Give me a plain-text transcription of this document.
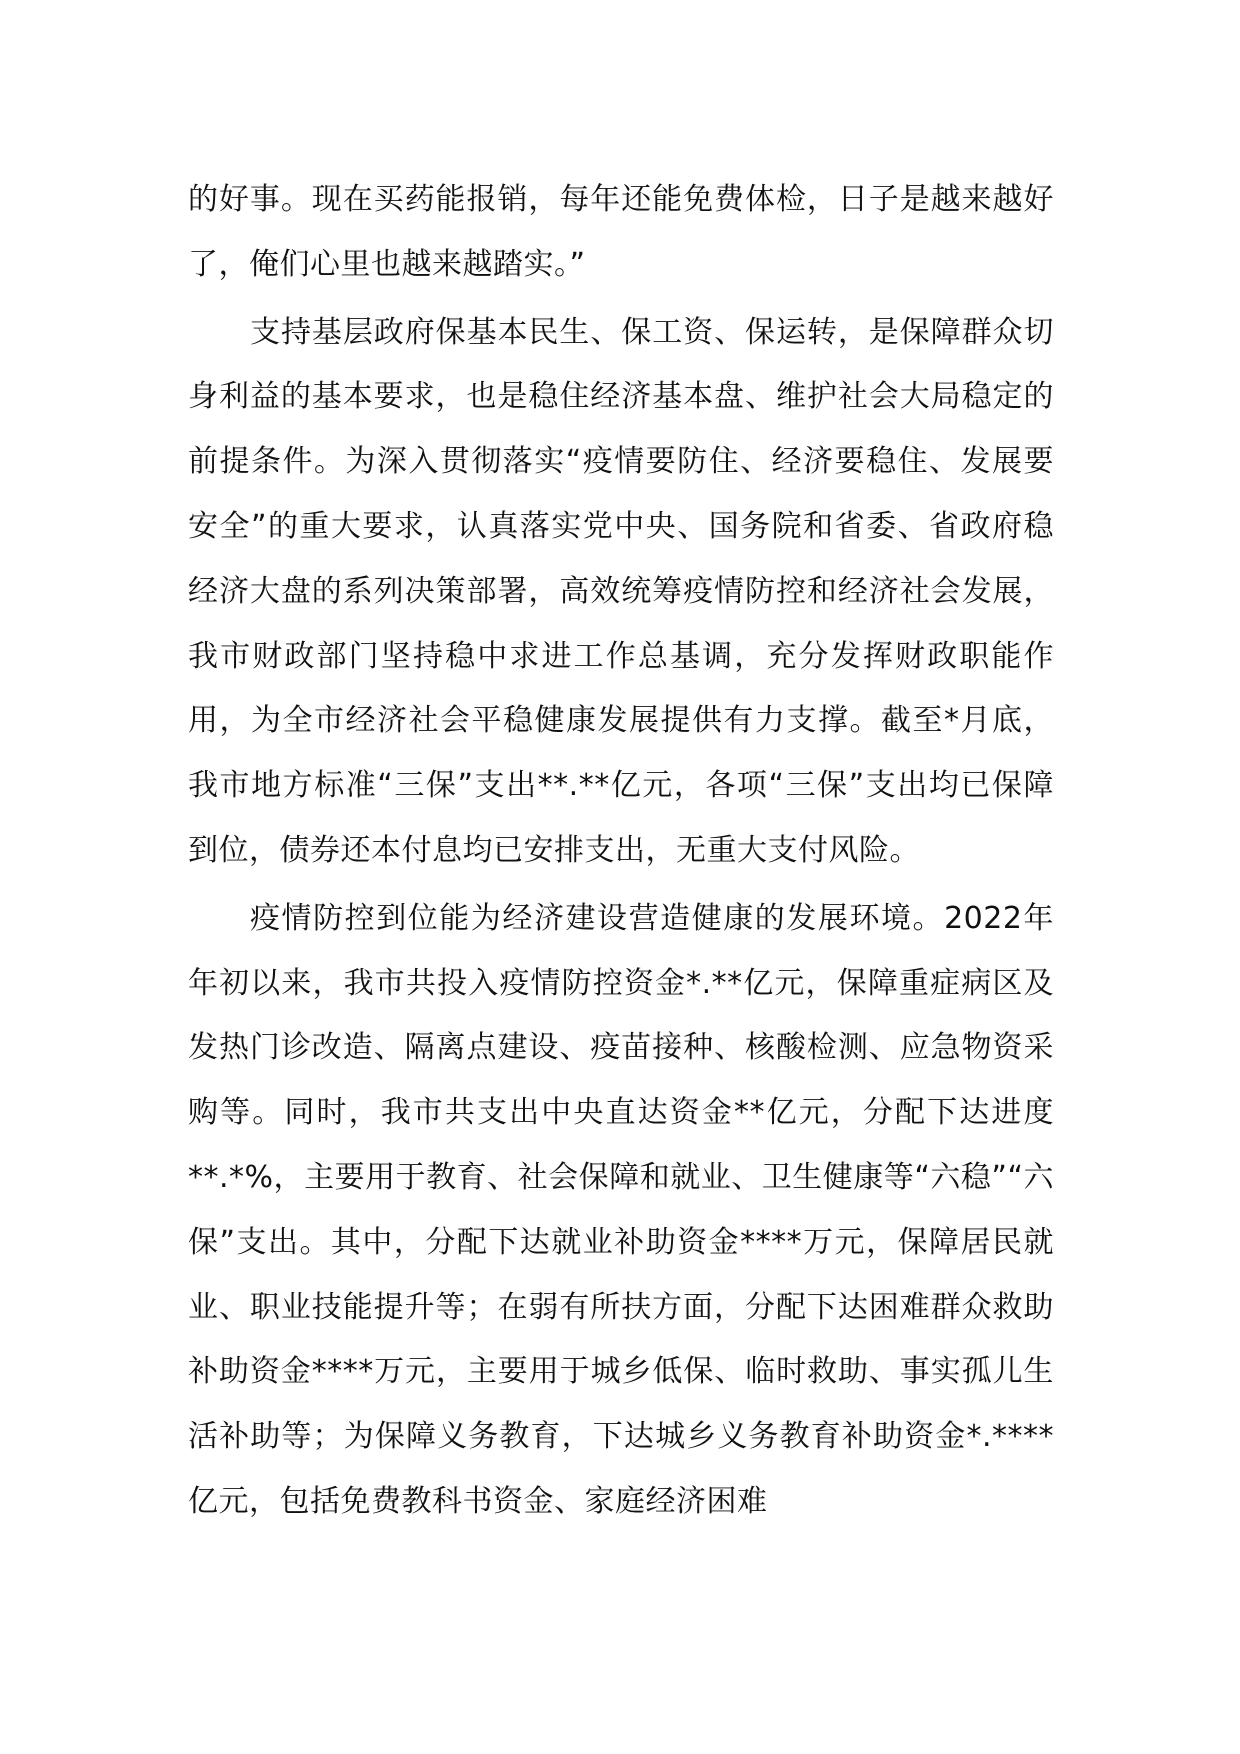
的好事。现在买药能报销，每年还能免费体检，日子是越来越好了，俺们心里也越来越踏实。”

支持基层政府保基本民生、保工资、保运转，是保障群众切身利益的基本要求，也是稳住经济基本盘、维护社会大局稳定的前提条件。为深入贯彻落实“疫情要防住、经济要稳住、发展要安全”的重大要求，认真落实党中央、国务院和省委、省政府稳经济大盘的系列决策部署，高效统筹疫情防控和经济社会发展，我市财政部门坚持稳中求进工作总基调，充分发挥财政职能作用，为全市经济社会平稳健康发展提供有力支撑。截至*月底，我市地方标准“三保”支出**.**亿元，各项“三保”支出均已保障到位，债券还本付息均已安排支出，无重大支付风险。

疫情防控到位能为经济建设营造健康的发展环境。2022年年初以来，我市共投入疫情防控资金*.**亿元，保障重症病区及发热门诊改造、隔离点建设、疫苗接种、核酸检测、应急物资采购等。同时，我市共支出中央直达资金**亿元，分配下达进度**.*%，主要用于教育、社会保障和就业、卫生健康等“六稳”“六保”支出。其中，分配下达就业补助资金****万元，保障居民就业、职业技能提升等；在弱有所扶方面，分配下达困难群众救助补助资金****万元，主要用于城乡低保、临时救助、事实孤儿生活补助等；为保障义务教育，下达城乡义务教育补助资金*.****亿元，包括免费教科书资金、家庭经济困难
